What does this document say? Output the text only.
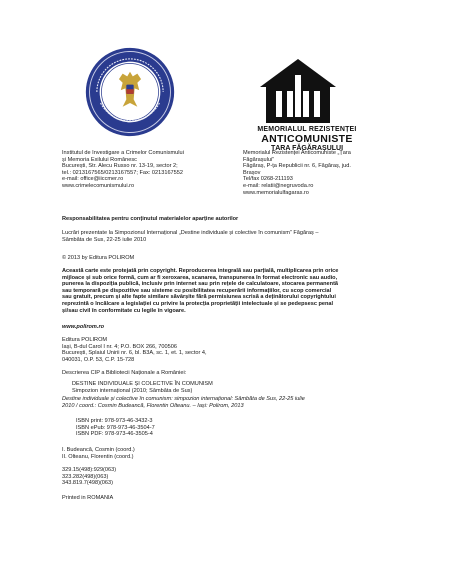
MEMORIALUL REZISTENȚEI
ANTICOMUNISTE
ȚARA FĂGĂRAȘULUI
Institutul de Investigare a Crimelor Comunismului
și Memoria Exilului Românesc
București, Str. Alecu Russo nr. 13-19, sector 2;
tel.: 0213167565/0213167557; Fax: 0213167552
e-mail: office@iiccmer.ro
www.crimelecomunismului.ro
Memorialul Rezistenței Anticomuniste „Țara
Făgărașului”
Făgăraș, P-ța Republicii nr. 6, Făgăraș, jud.
Brașov
Tel/fax 0268-211193
e-mail: relatii@negruvoda.ro
www.memorialulfagaras.ro

Responsabilitatea pentru conținutul materialelor aparține autorilor

Lucrări prezentate la Simpozionul Internațional „Destine individuale și colective în comunism” Făgăraș –
Sâmbăta de Sus, 22-25 iulie 2010

© 2013 by Editura POLIROM

Această carte este protejată prin copyright. Reproducerea integrală sau parțială, multiplicarea prin orice
mijloace și sub orice formă, cum ar fi xeroxarea, scanarea, transpunerea în format electronic sau audio,
punerea la dispoziția publică, inclusiv prin internet sau prin rețele de calculatoare, stocarea permanentă
sau temporară pe dispozitive sau sisteme cu posibilitatea recuperării informațiilor, cu scop comercial
sau gratuit, precum și alte fapte similare săvârșite fără permisiunea scrisă a deținătorului copyrightului
reprezintă o încălcare a legislației cu privire la protecția proprietății intelectuale și se pedepsesc penal
și/sau civil în conformitate cu legile în vigoare.

www.polirom.ro

Editura POLIROM
Iași, B-dul Carol I nr. 4; P.O. BOX 266, 700506
București, Splaiul Unirii nr. 6, bl. B3A, sc. 1, et. 1, sector 4,
040031, O.P. 53, C.P. 15-728

Descrierea CIP a Bibliotecii Naționale a României:

DESTINE INDIVIDUALE ȘI COLECTIVE ÎN COMUNISM
Simpozion internațional (2010; Sâmbăta de Sus)
Destine individuale și colective în comunism: simpozion internațional: Sâmbăta de Sus, 22-25 iulie
2010 / coord.: Cosmin Budeancă, Florentin Olteanu. – Iași: Polirom, 2013
ISBN print: 978-973-46-3432-3
ISBN ePub: 978-973-46-3504-7
ISBN PDF: 978-973-46-3505-4
I. Budeancă, Cosmin (coord.)
II. Olteanu, Florentin (coord.)
329.15(498):929(063)
323.282(498)(063)
343.819.7(498)(063)

Printed in ROMANIA
